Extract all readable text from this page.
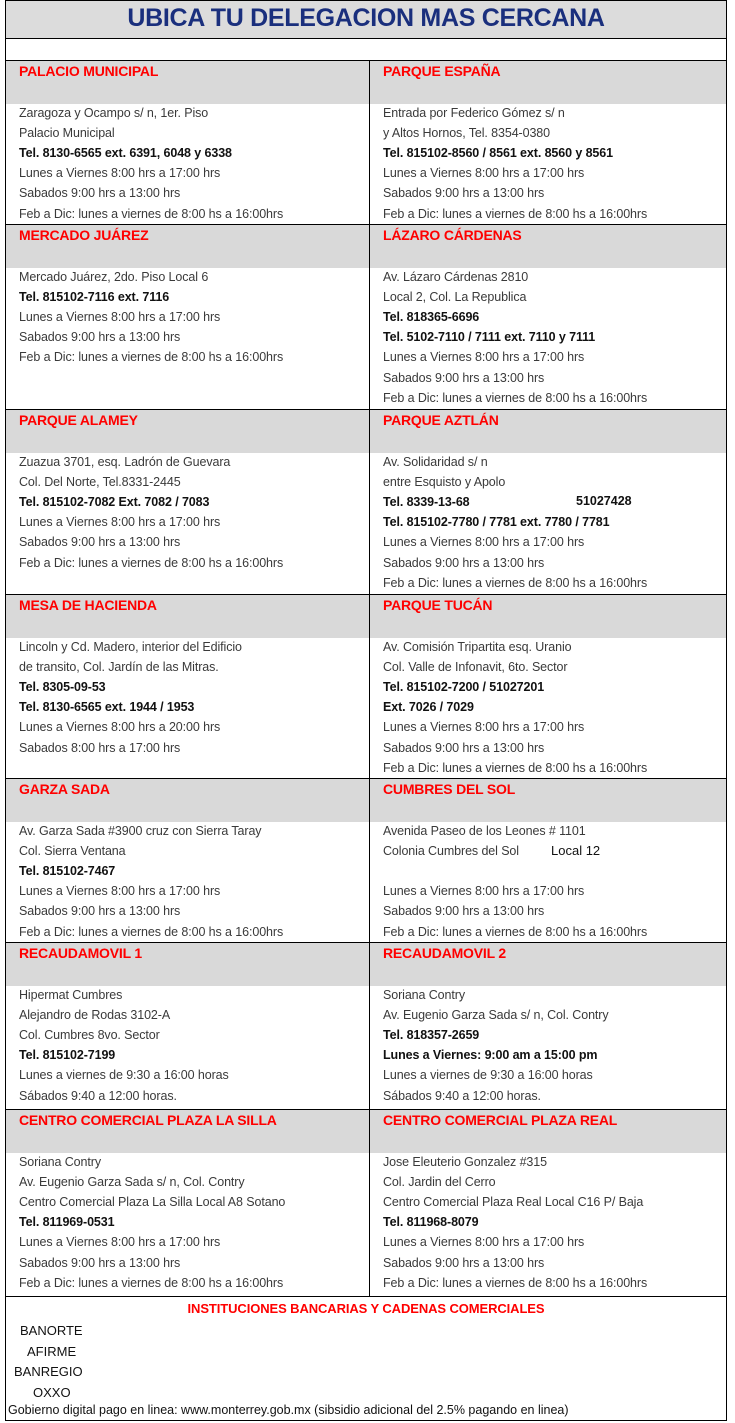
UBICA TU DELEGACION MAS CERCANA
PALACIO MUNICIPAL
Zaragoza y Ocampo s/ n, 1er. Piso
Palacio Municipal
Tel. 8130-6565 ext. 6391, 6048 y 6338
Lunes a Viernes 8:00 hrs a 17:00 hrs
Sabados 9:00 hrs a 13:00 hrs
Feb a Dic: lunes a viernes de 8:00 hs a 16:00hrs
PARQUE ESPAÑA
Entrada por Federico Gómez s/ n
y Altos Hornos, Tel. 8354-0380
Tel. 815102-8560 / 8561 ext. 8560 y 8561
Lunes a Viernes 8:00 hrs a 17:00 hrs
Sabados 9:00 hrs a 13:00 hrs
Feb a Dic: lunes a viernes de 8:00 hs a 16:00hrs
MERCADO JUÁREZ
Mercado Juárez, 2do. Piso Local 6
Tel. 815102-7116 ext. 7116
Lunes a Viernes 8:00 hrs a 17:00 hrs
Sabados 9:00 hrs a 13:00 hrs
Feb a Dic: lunes a viernes de 8:00 hs a 16:00hrs
LÁZARO CÁRDENAS
Av. Lázaro Cárdenas 2810
Local 2, Col. La Republica
Tel. 818365-6696
Tel. 5102-7110 / 7111 ext. 7110 y 7111
Lunes a Viernes 8:00 hrs a 17:00 hrs
Sabados 9:00 hrs a 13:00 hrs
Feb a Dic: lunes a viernes de 8:00 hs a 16:00hrs
PARQUE ALAMEY
Zuazua 3701, esq. Ladrón de Guevara
Col. Del Norte, Tel.8331-2445
Tel. 815102-7082 Ext. 7082 / 7083
Lunes a Viernes 8:00 hrs a 17:00 hrs
Sabados 9:00 hrs a 13:00 hrs
Feb a Dic: lunes a viernes de 8:00 hs a 16:00hrs
PARQUE AZTLÁN
Av. Solidaridad s/ n
entre Esquisto y Apolo
Tel. 8339-13-68
Tel. 815102-7780 / 7781 ext. 7780 / 7781
Lunes a Viernes 8:00 hrs a 17:00 hrs
Sabados 9:00 hrs a 13:00 hrs
Feb a Dic: lunes a viernes de 8:00 hs a 16:00hrs
51027428
MESA DE HACIENDA
Lincoln y Cd. Madero, interior del Edificio
de transito, Col. Jardín de las Mitras.
Tel. 8305-09-53
Tel. 8130-6565 ext. 1944 / 1953
Lunes a Viernes 8:00 hrs a 20:00 hrs
Sabados 8:00 hrs a 17:00 hrs
PARQUE TUCÁN
Av. Comisión Tripartita esq. Uranio
Col. Valle de Infonavit, 6to. Sector
Tel. 815102-7200 / 51027201
Ext. 7026 / 7029
Lunes a Viernes 8:00 hrs a 17:00 hrs
Sabados 9:00 hrs a 13:00 hrs
Feb a Dic: lunes a viernes de 8:00 hs a 16:00hrs
GARZA SADA
Av. Garza Sada #3900 cruz con Sierra Taray
Col. Sierra Ventana
Tel. 815102-7467
Lunes a Viernes 8:00 hrs a 17:00 hrs
Sabados 9:00 hrs a 13:00 hrs
Feb a Dic: lunes a viernes de 8:00 hs a 16:00hrs
CUMBRES DEL SOL
Avenida Paseo de los Leones # 1101
Colonia Cumbres del Sol
Lunes a Viernes 8:00 hrs a 17:00 hrs
Sabados 9:00 hrs a 13:00 hrs
Feb a Dic: lunes a viernes de 8:00 hs a 16:00hrs
Local 12
RECAUDAMOVIL 1
Hipermat Cumbres
Alejandro de Rodas 3102-A
Col. Cumbres 8vo. Sector
Tel. 815102-7199
Lunes a viernes de 9:30 a 16:00 horas
Sábados 9:40 a 12:00 horas.
RECAUDAMOVIL 2
Soriana Contry
Av. Eugenio Garza Sada s/ n, Col. Contry
Tel. 818357-2659
Lunes a Viernes: 9:00 am a 15:00 pm
Lunes a viernes de 9:30 a 16:00 horas
Sábados 9:40 a 12:00 horas.
CENTRO COMERCIAL PLAZA LA SILLA
Soriana Contry
Av. Eugenio Garza Sada s/ n, Col. Contry
Centro Comercial Plaza La Silla Local A8 Sotano
Tel. 811969-0531
Lunes a Viernes 8:00 hrs a 17:00 hrs
Sabados 9:00 hrs a 13:00 hrs
Feb a Dic: lunes a viernes de 8:00 hs a 16:00hrs
CENTRO COMERCIAL PLAZA REAL
Jose Eleuterio Gonzalez #315
Col. Jardin del Cerro
Centro Comercial Plaza Real Local C16 P/ Baja
Tel. 811968-8079
Lunes a Viernes 8:00 hrs a 17:00 hrs
Sabados 9:00 hrs a 13:00 hrs
Feb a Dic: lunes a viernes de 8:00 hs a 16:00hrs
INSTITUCIONES BANCARIAS Y CADENAS COMERCIALES
BANORTE
AFIRME
BANREGIO
OXXO
Gobierno digital pago en linea: www.monterrey.gob.mx (sibsidio adicional del 2.5% pagando en linea)
